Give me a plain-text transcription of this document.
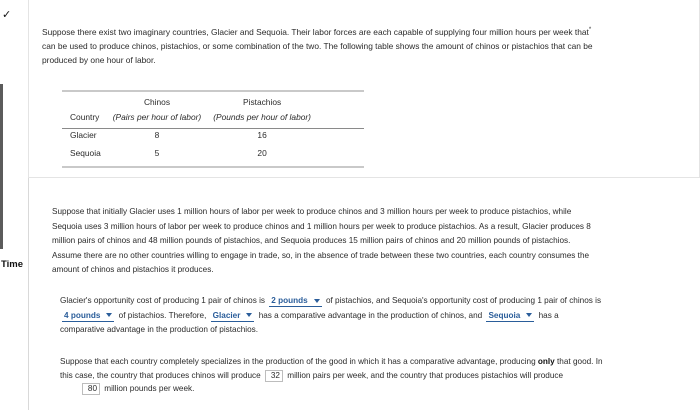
✓
Time
Suppose there exist two imaginary countries, Glacier and Sequoia. Their labor forces are each capable of supplying four million hours per week that*
can be used to produce chinos, pistachios, or some combination of the two. The following table shows the amount of chinos or pistachios that can be
produced by one hour of labor.
	Chinos	Pistachios
Country	(Pairs per hour of labor)	(Pounds per hour of labor)
Glacier	8	16
Sequoia	5	20
Suppose that initially Glacier uses 1 million hours of labor per week to produce chinos and 3 million hours per week to produce pistachios, while
Sequoia uses 3 million hours of labor per week to produce chinos and 1 million hours per week to produce pistachios. As a result, Glacier produces 8
million pairs of chinos and 48 million pounds of pistachios, and Sequoia produces 15 million pairs of chinos and 20 million pounds of pistachios.
Assume there are no other countries willing to engage in trade, so, in the absence of trade between these two countries, each country consumes the
amount of chinos and pistachios it produces.
Glacier's opportunity cost of producing 1 pair of chinos is 2 pounds of pistachios, and Sequoia's opportunity cost of producing 1 pair of chinos is
4 pounds of pistachios. Therefore, Glacier has a comparative advantage in the production of chinos, and Sequoia has a
comparative advantage in the production of pistachios.
Suppose that each country completely specializes in the production of the good in which it has a comparative advantage, producing only that good. In
this case, the country that produces chinos will produce 32 million pairs per week, and the country that produces pistachios will produce
80 million pounds per week.
